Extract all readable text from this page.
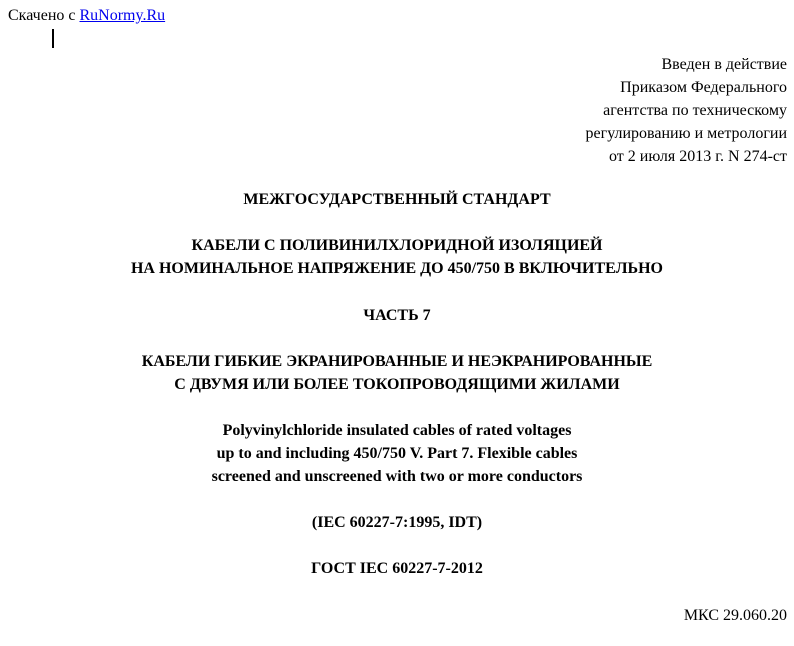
Скачено с RuNormy.Ru
Введен в действие
Приказом Федерального
агентства по техническому
регулированию и метрологии
от 2 июля 2013 г. N 274-ст
МЕЖГОСУДАРСТВЕННЫЙ СТАНДАРТ
КАБЕЛИ С ПОЛИВИНИЛХЛОРИДНОЙ ИЗОЛЯЦИЕЙ
НА НОМИНАЛЬНОЕ НАПРЯЖЕНИЕ ДО 450/750 В ВКЛЮЧИТЕЛЬНО
ЧАСТЬ 7
КАБЕЛИ ГИБКИЕ ЭКРАНИРОВАННЫЕ И НЕЭКРАНИРОВАННЫЕ
С ДВУМЯ ИЛИ БОЛЕЕ ТОКОПРОВОДЯЩИМИ ЖИЛАМИ
Polyvinylchloride insulated cables of rated voltages
up to and including 450/750 V. Part 7. Flexible cables
screened and unscreened with two or more conductors
(IEC 60227-7:1995, IDT)
ГОСТ IEC 60227-7-2012
МКС 29.060.20
